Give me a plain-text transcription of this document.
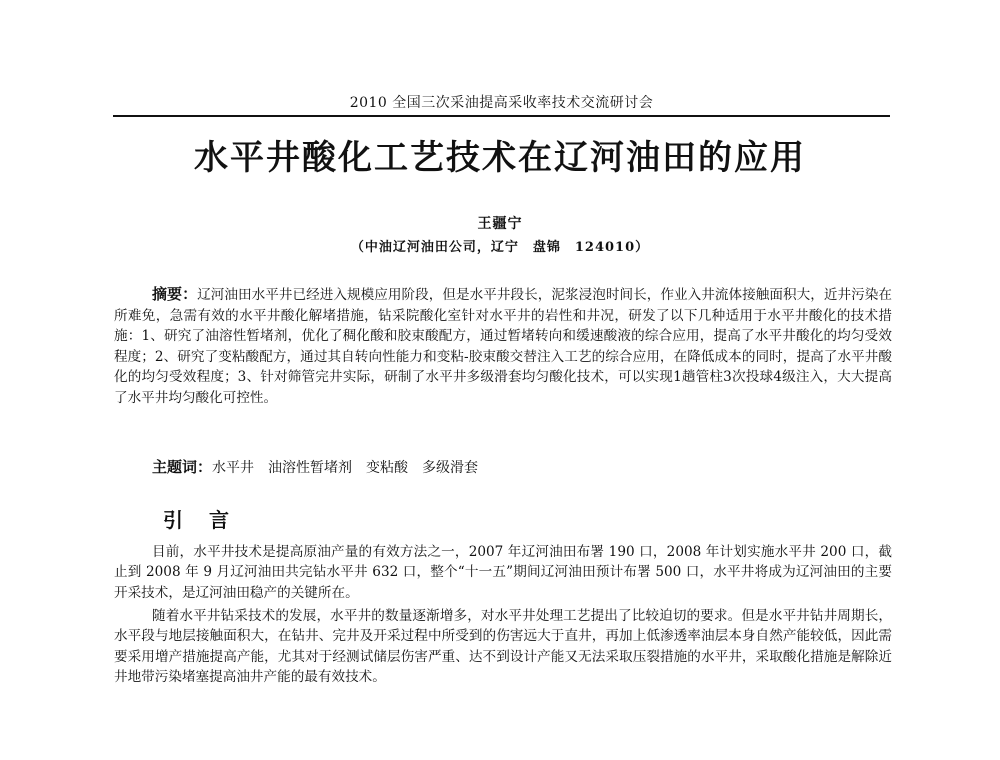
2010 全国三次采油提高采收率技术交流研讨会
水平井酸化工艺技术在辽河油田的应用
王疆宁
（中油辽河油田公司，辽宁　盘锦　124010）

摘要：辽河油田水平井已经进入规模应用阶段，但是水平井段长，泥浆浸泡时间长，作业入井流体接触面积大，近井污染在所难免，急需有效的水平井酸化解堵措施，钻采院酸化室针对水平井的岩性和井况，研发了以下几种适用于水平井酸化的技术措施：1、研究了油溶性暂堵剂，优化了稠化酸和胶束酸配方，通过暂堵转向和缓速酸液的综合应用，提高了水平井酸化的均匀受效程度；2、研究了变粘酸配方，通过其自转向性能力和变粘-胶束酸交替注入工艺的综合应用，在降低成本的同时，提高了水平井酸化的均匀受效程度；3、针对筛管完井实际，研制了水平井多级滑套均匀酸化技术，可以实现1趟管柱3次投球4级注入，大大提高了水平井均匀酸化可控性。

主题词：水平井 油溶性暂堵剂 变粘酸 多级滑套

引言

目前，水平井技术是提高原油产量的有效方法之一，2007 年辽河油田布署 190 口，2008 年计划实施水平井 200 口，截止到 2008 年 9 月辽河油田共完钻水平井 632 口，整个“十一五”期间辽河油田预计布署 500 口，水平井将成为辽河油田的主要开采技术，是辽河油田稳产的关键所在。

随着水平井钻采技术的发展，水平井的数量逐渐增多，对水平井处理工艺提出了比较迫切的要求。但是水平井钻井周期长，水平段与地层接触面积大，在钻井、完井及开采过程中所受到的伤害远大于直井，再加上低渗透率油层本身自然产能较低，因此需要采用增产措施提高产能，尤其对于经测试储层伤害严重、达不到设计产能又无法采取压裂措施的水平井，采取酸化措施是解除近井地带污染堵塞提高油井产能的最有效技术。
